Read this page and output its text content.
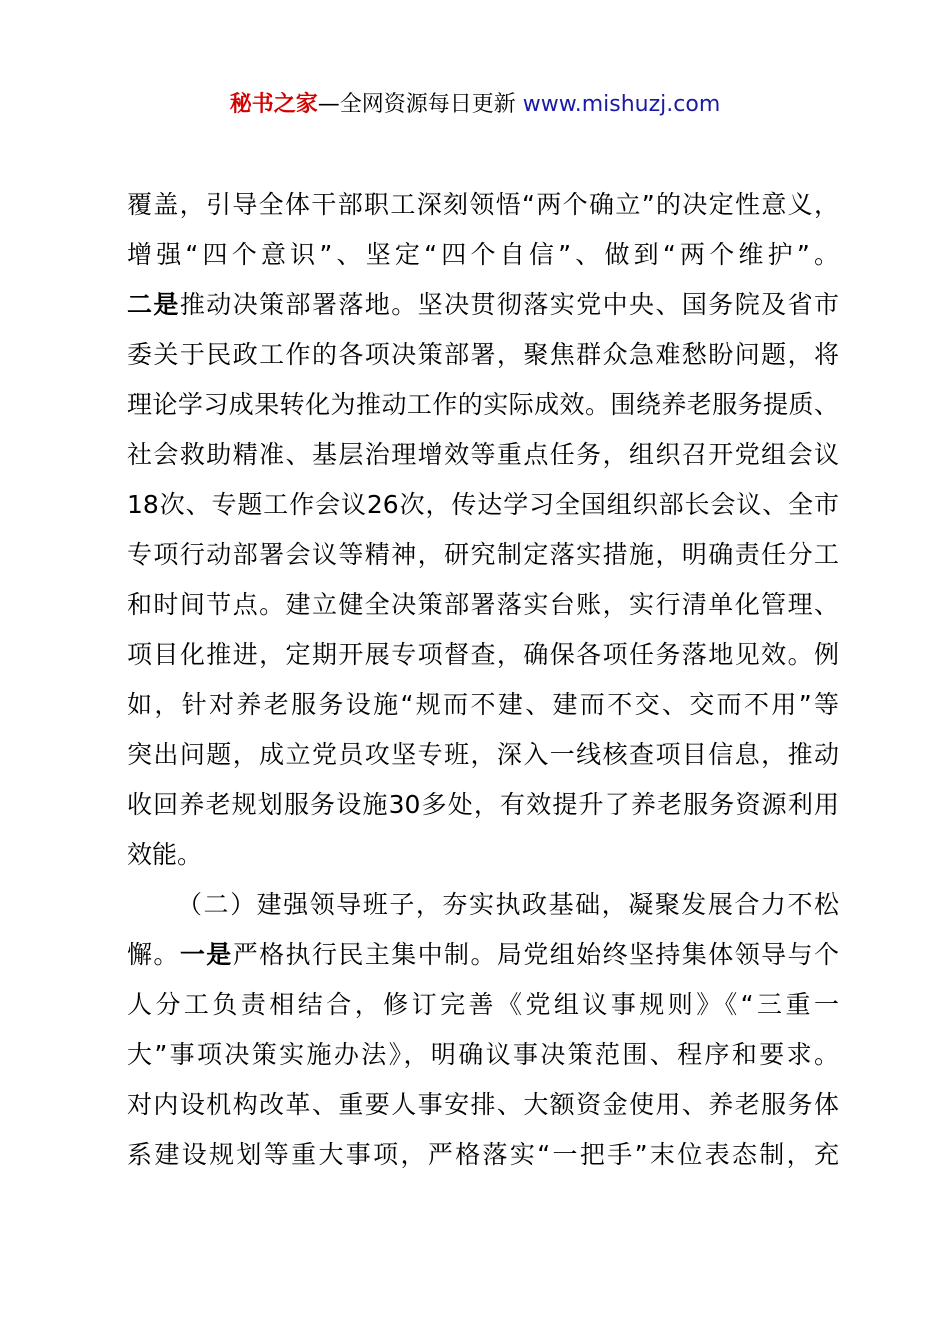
秘书之家—全网资源每日更新 www.mishuzj.com
覆盖，引导全体干部职工深刻领悟“两个确立”的决定性意义，
增强“四个意识”、坚定“四个自信”、做到“两个维护”。
二是推动决策部署落地。坚决贯彻落实党中央、国务院及省市
委关于民政工作的各项决策部署，聚焦群众急难愁盼问题，将
理论学习成果转化为推动工作的实际成效。围绕养老服务提质、
社会救助精准、基层治理增效等重点任务，组织召开党组会议
18次、专题工作会议26次，传达学习全国组织部长会议、全市
专项行动部署会议等精神，研究制定落实措施，明确责任分工
和时间节点。建立健全决策部署落实台账，实行清单化管理、
项目化推进，定期开展专项督查，确保各项任务落地见效。例
如，针对养老服务设施“规而不建、建而不交、交而不用”等
突出问题，成立党员攻坚专班，深入一线核查项目信息，推动
收回养老规划服务设施30多处，有效提升了养老服务资源利用
效能。
（二）建强领导班子，夯实执政基础，凝聚发展合力不松
懈。一是严格执行民主集中制。局党组始终坚持集体领导与个
人分工负责相结合，修订完善《党组议事规则》《“三重一
大”事项决策实施办法》，明确议事决策范围、程序和要求。
对内设机构改革、重要人事安排、大额资金使用、养老服务体
系建设规划等重大事项，严格落实“一把手”末位表态制，充
